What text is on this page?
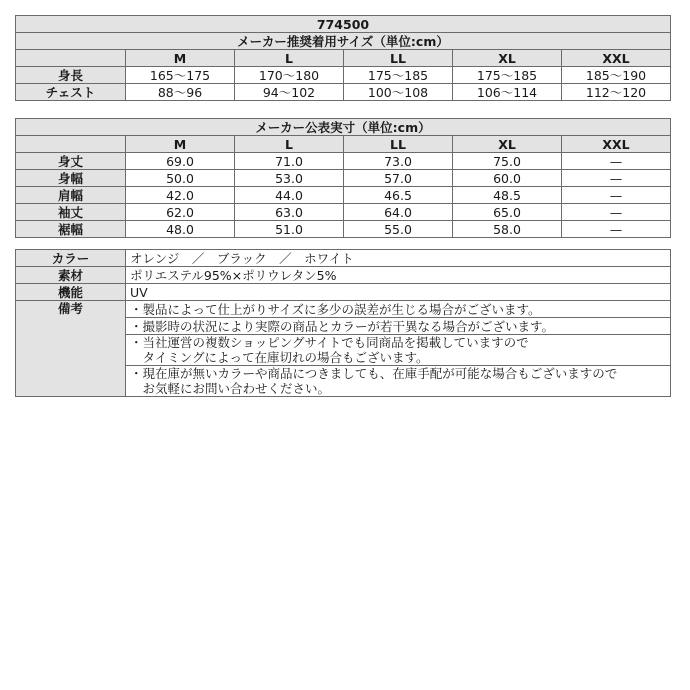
774500					
メーカー推奨着用サイズ（単位:cm）					
	M	L	LL	XL	XXL
身長	165〜175	170〜180	175〜185	175〜185	185〜190
チェスト	88〜96	94〜102	100〜108	106〜114	112〜120
メーカー公表実寸（単位:cm）					
	M	L	LL	XL	XXL
身丈	69.0	71.0	73.0	75.0	—
身幅	50.0	53.0	57.0	60.0	—
肩幅	42.0	44.0	46.5	48.5	—
袖丈	62.0	63.0	64.0	65.0	—
裾幅	48.0	51.0	55.0	58.0	—
カラー	オレンジ　／　ブラック　／　ホワイト
素材	ポリエステル95%×ポリウレタン5%
機能	UV
備考	・製品によって仕上がりサイズに多少の誤差が生じる場合がございます。

	・撮影時の状況により実際の商品とカラーが若干異なる場合がございます。

	・当社運営の複数ショッピングサイトでも同商品を掲載していますので
　タイミングによって在庫切れの場合もございます。

	・現在庫が無いカラーや商品につきましても、在庫手配が可能な場合もございますので
　お気軽にお問い合わせください。
